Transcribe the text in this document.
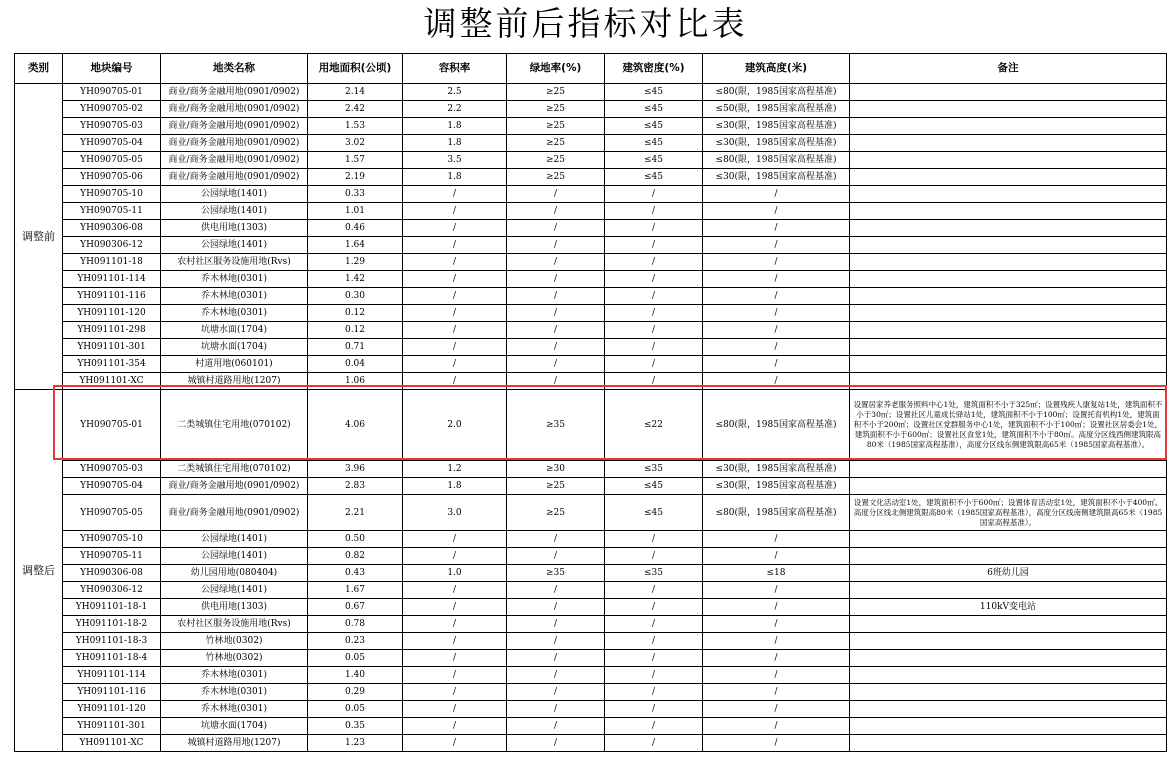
调整前后指标对比表
类别	地块编号	地类名称	用地面积(公顷)	容积率	绿地率(%)	建筑密度(%)	建筑高度(米)	备注
调整前	YH090705-01	商业/商务金融用地(0901/0902)	2.14	2.5	≥25	≤45	≤80(限，1985国家高程基准)	
	YH090705-02	商业/商务金融用地(0901/0902)	2.42	2.2	≥25	≤45	≤50(限，1985国家高程基准)	
	YH090705-03	商业/商务金融用地(0901/0902)	1.53	1.8	≥25	≤45	≤30(限，1985国家高程基准)	
	YH090705-04	商业/商务金融用地(0901/0902)	3.02	1.8	≥25	≤45	≤30(限，1985国家高程基准)	
	YH090705-05	商业/商务金融用地(0901/0902)	1.57	3.5	≥25	≤45	≤80(限，1985国家高程基准)	
	YH090705-06	商业/商务金融用地(0901/0902)	2.19	1.8	≥25	≤45	≤30(限，1985国家高程基准)	
	YH090705-10	公园绿地(1401)	0.33	/	/	/	/	
	YH090705-11	公园绿地(1401)	1.01	/	/	/	/	
	YH090306-08	供电用地(1303)	0.46	/	/	/	/	
	YH090306-12	公园绿地(1401)	1.64	/	/	/	/	
	YH091101-18	农村社区服务设施用地(Rvs)	1.29	/	/	/	/	
	YH091101-114	乔木林地(0301)	1.42	/	/	/	/	
	YH091101-116	乔木林地(0301)	0.30	/	/	/	/	
	YH091101-120	乔木林地(0301)	0.12	/	/	/	/	
	YH091101-298	坑塘水面(1704)	0.12	/	/	/	/	
	YH091101-301	坑塘水面(1704)	0.71	/	/	/	/	
	YH091101-354	村道用地(060101)	0.04	/	/	/	/	
	YH091101-XC	城镇村道路用地(1207)	1.06	/	/	/	/	
调整后	YH090705-01	二类城镇住宅用地(070102)	4.06	2.0	≥35	≤22	≤80(限，1985国家高程基准)	设置居家养老服务照料中心1处，建筑面积不小于325㎡；设置残疾人康复站1处，建筑面积不小于30㎡；设置社区儿童成长驿站1处，建筑面积不小于100㎡；设置托育机构1处，建筑面积不小于200㎡；设置社区党群服务中心1处，建筑面积不小于100㎡；设置社区居委会1处，建筑面积不小于600㎡；设置社区食堂1处，建筑面积不小于80㎡。高度分区线西侧建筑限高80米（1985国家高程基准），高度分区线东侧建筑限高65米（1985国家高程基准）。
	YH090705-03	二类城镇住宅用地(070102)	3.96	1.2	≥30	≤35	≤30(限，1985国家高程基准)	
	YH090705-04	商业/商务金融用地(0901/0902)	2.83	1.8	≥25	≤45	≤30(限，1985国家高程基准)	
	YH090705-05	商业/商务金融用地(0901/0902)	2.21	3.0	≥25	≤45	≤80(限，1985国家高程基准)	设置文化活动室1处，建筑面积不小于600㎡；设置体育活动室1处，建筑面积不小于400㎡。高度分区线北侧建筑限高80米（1985国家高程基准），高度分区线南侧建筑限高65米（1985国家高程基准）。
	YH090705-10	公园绿地(1401)	0.50	/	/	/	/	
	YH090705-11	公园绿地(1401)	0.82	/	/	/	/	
	YH090306-08	幼儿园用地(080404)	0.43	1.0	≥35	≤35	≤18	6班幼儿园
	YH090306-12	公园绿地(1401)	1.67	/	/	/	/	
	YH091101-18-1	供电用地(1303)	0.67	/	/	/	/	110kV变电站
	YH091101-18-2	农村社区服务设施用地(Rvs)	0.78	/	/	/	/	
	YH091101-18-3	竹林地(0302)	0.23	/	/	/	/	
	YH091101-18-4	竹林地(0302)	0.05	/	/	/	/	
	YH091101-114	乔木林地(0301)	1.40	/	/	/	/	
	YH091101-116	乔木林地(0301)	0.29	/	/	/	/	
	YH091101-120	乔木林地(0301)	0.05	/	/	/	/	
	YH091101-301	坑塘水面(1704)	0.35	/	/	/	/	
	YH091101-XC	城镇村道路用地(1207)	1.23	/	/	/	/	
